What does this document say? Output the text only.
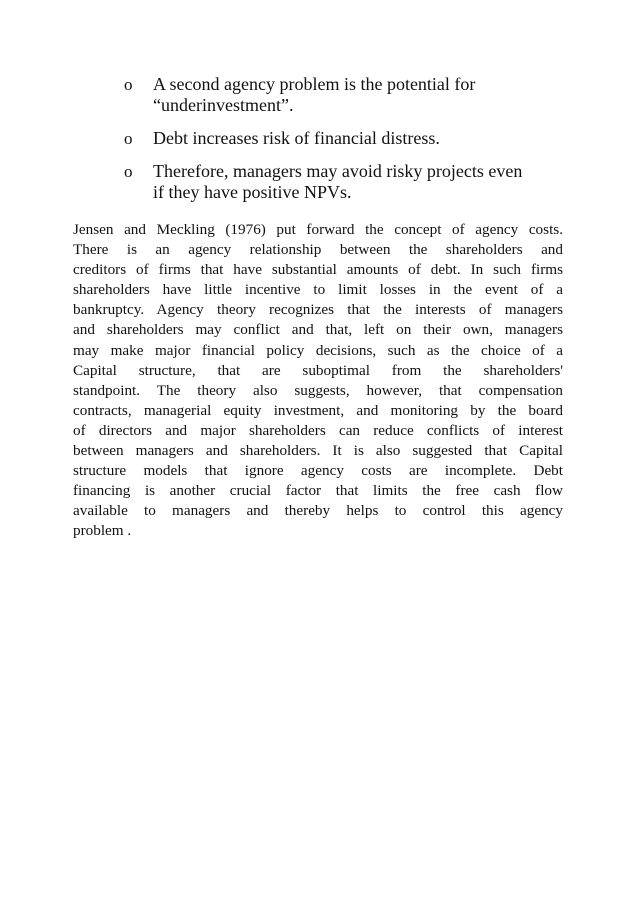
o A second agency problem is the potential for
“underinvestment”.
o Debt increases risk of financial distress.
o Therefore, managers may avoid risky projects even
if they have positive NPVs.

Jensen and Meckling (1976) put forward the concept of agency costs.
There is an agency relationship between the shareholders and
creditors of firms that have substantial amounts of debt. In such firms
shareholders have little incentive to limit losses in the event of a
bankruptcy. Agency theory recognizes that the interests of managers
and shareholders may conflict and that, left on their own, managers
may make major financial policy decisions, such as the choice of a
Capital structure, that are suboptimal from the shareholders'
standpoint. The theory also suggests, however, that compensation
contracts, managerial equity investment, and monitoring by the board
of directors and major shareholders can reduce conflicts of interest
between managers and shareholders. It is also suggested that Capital
structure models that ignore agency costs are incomplete. Debt
financing is another crucial factor that limits the free cash flow
available to managers and thereby helps to control this agency
problem .
